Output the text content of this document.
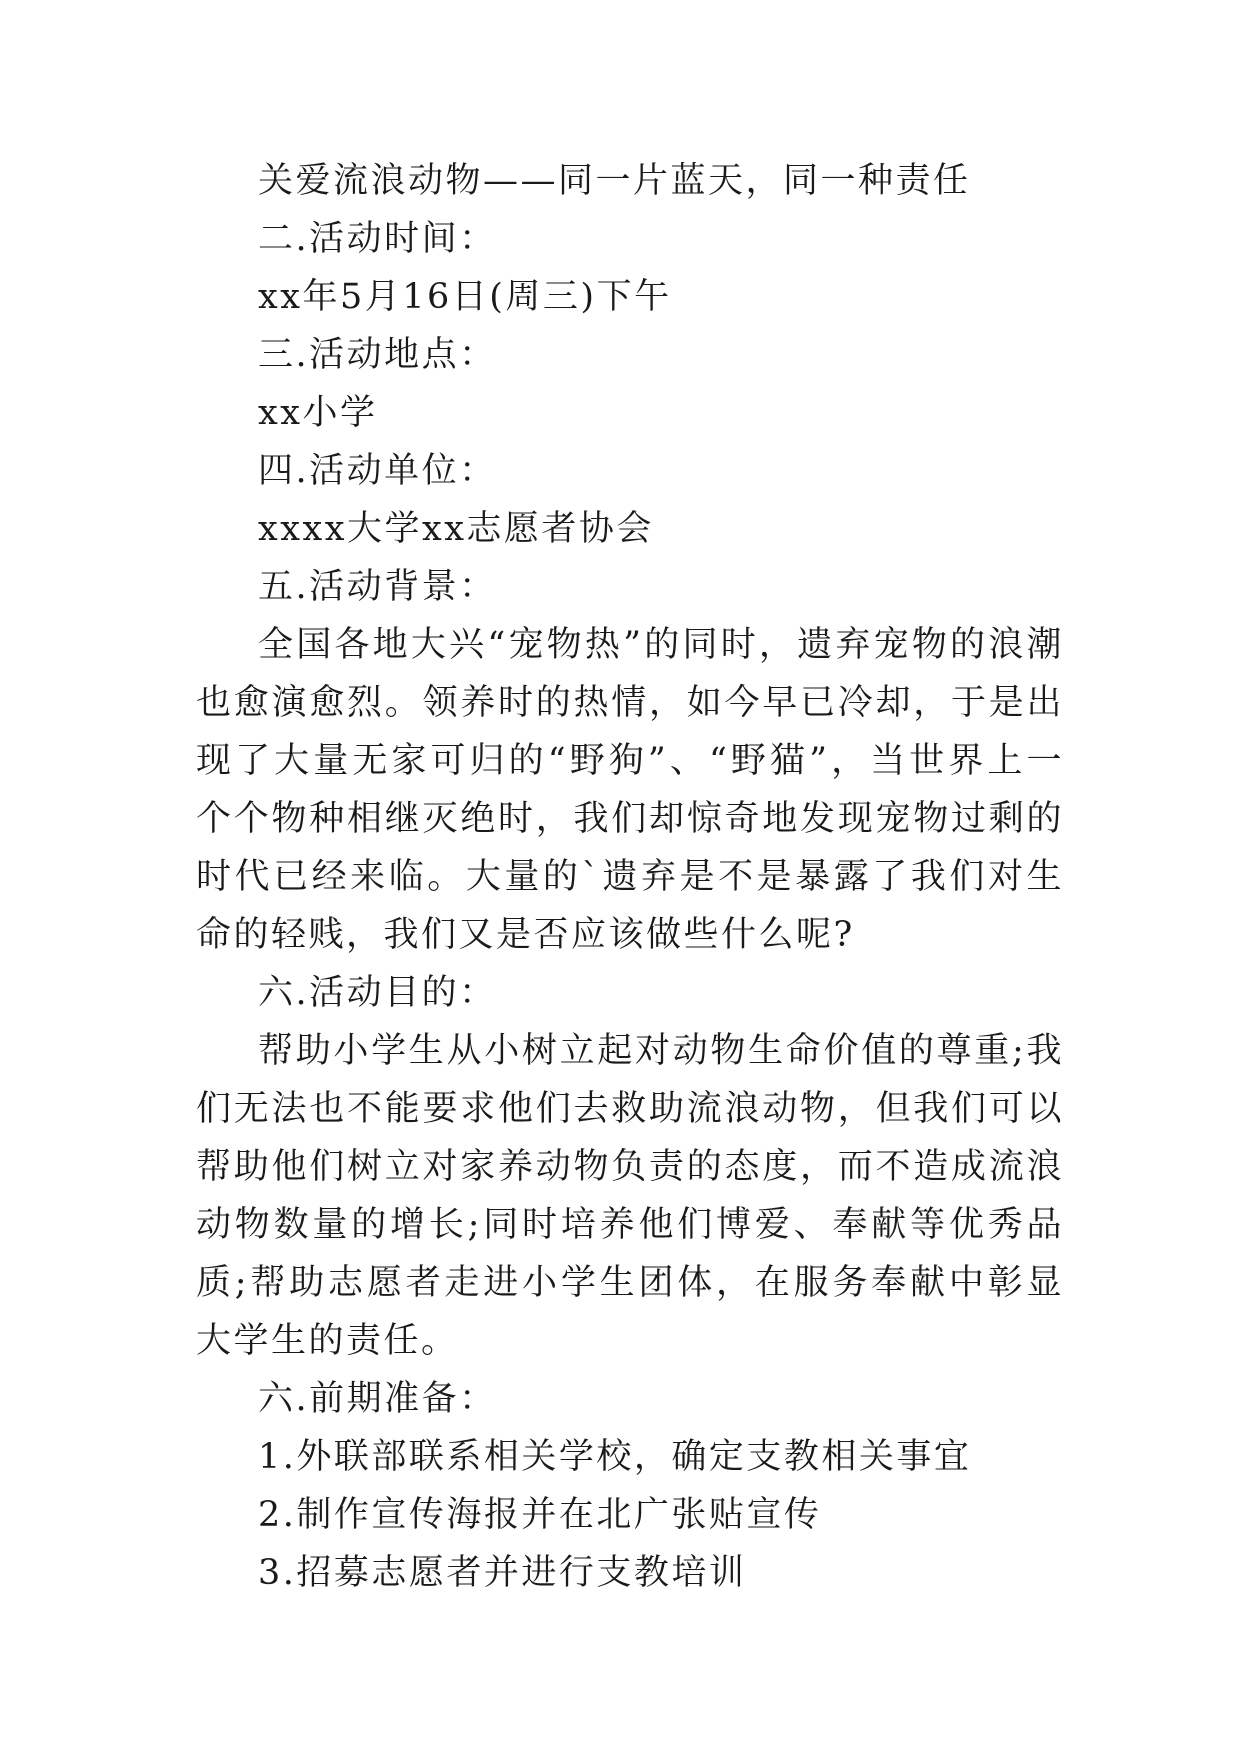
关爱流浪动物——同一片蓝天，同一种责任
二.活动时间：
xx年5月16日(周三)下午
三.活动地点：
xx小学
四.活动单位：
xxxx大学xx志愿者协会
五.活动背景：

全国各地大兴“宠物热”的同时，遗弃宠物的浪潮也愈演愈烈。领养时的热情，如今早已冷却，于是出现了大量无家可归的“野狗”、“野猫”，当世界上一个个物种相继灭绝时，我们却惊奇地发现宠物过剩的时代已经来临。大量的`遗弃是不是暴露了我们对生命的轻贱，我们又是否应该做些什么呢?

六.活动目的：

帮助小学生从小树立起对动物生命价值的尊重;我们无法也不能要求他们去救助流浪动物，但我们可以帮助他们树立对家养动物负责的态度，而不造成流浪动物数量的增长;同时培养他们博爱、奉献等优秀品质;帮助志愿者走进小学生团体，在服务奉献中彰显大学生的责任。

六.前期准备：
1.外联部联系相关学校，确定支教相关事宜
2.制作宣传海报并在北广张贴宣传
3.招募志愿者并进行支教培训
